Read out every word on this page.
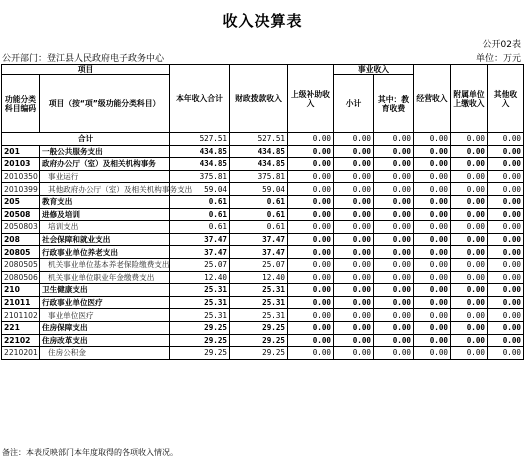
收入决算表
公开02表
公开部门：登江县人民政府电子政务中心	单位：万元
项目		本年收入合计	财政拨款收入	上级补助收入	事业收入		经营收入	附属单位上缴收入	其他收入
功能分类科目编码	项目（按“项”级功能分类科目）				小计	其中：教育收费			

合计		527.51	527.51	0.00	0.00	0.00	0.00	0.00	0.00
201	一般公共服务支出	434.85	434.85	0.00	0.00	0.00	0.00	0.00	0.00
20103	政府办公厅（室）及相关机构事务	434.85	434.85	0.00	0.00	0.00	0.00	0.00	0.00
2010350	事业运行	375.81	375.81	0.00	0.00	0.00	0.00	0.00	0.00
2010399	其他政府办公厅（室）及相关机构事务支出	59.04	59.04	0.00	0.00	0.00	0.00	0.00	0.00
205	教育支出	0.61	0.61	0.00	0.00	0.00	0.00	0.00	0.00
20508	进修及培训	0.61	0.61	0.00	0.00	0.00	0.00	0.00	0.00
2050803	培训支出	0.61	0.61	0.00	0.00	0.00	0.00	0.00	0.00
208	社会保障和就业支出	37.47	37.47	0.00	0.00	0.00	0.00	0.00	0.00
20805	行政事业单位养老支出	37.47	37.47	0.00	0.00	0.00	0.00	0.00	0.00
2080505	机关事业单位基本养老保险缴费支出	25.07	25.07	0.00	0.00	0.00	0.00	0.00	0.00
2080506	机关事业单位职业年金缴费支出	12.40	12.40	0.00	0.00	0.00	0.00	0.00	0.00
210	卫生健康支出	25.31	25.31	0.00	0.00	0.00	0.00	0.00	0.00
21011	行政事业单位医疗	25.31	25.31	0.00	0.00	0.00	0.00	0.00	0.00
2101102	事业单位医疗	25.31	25.31	0.00	0.00	0.00	0.00	0.00	0.00
221	住房保障支出	29.25	29.25	0.00	0.00	0.00	0.00	0.00	0.00
22102	住房改革支出	29.25	29.25	0.00	0.00	0.00	0.00	0.00	0.00
2210201	住房公积金	29.25	29.25	0.00	0.00	0.00	0.00	0.00	0.00
备注：本表反映部门本年度取得的各项收入情况。
